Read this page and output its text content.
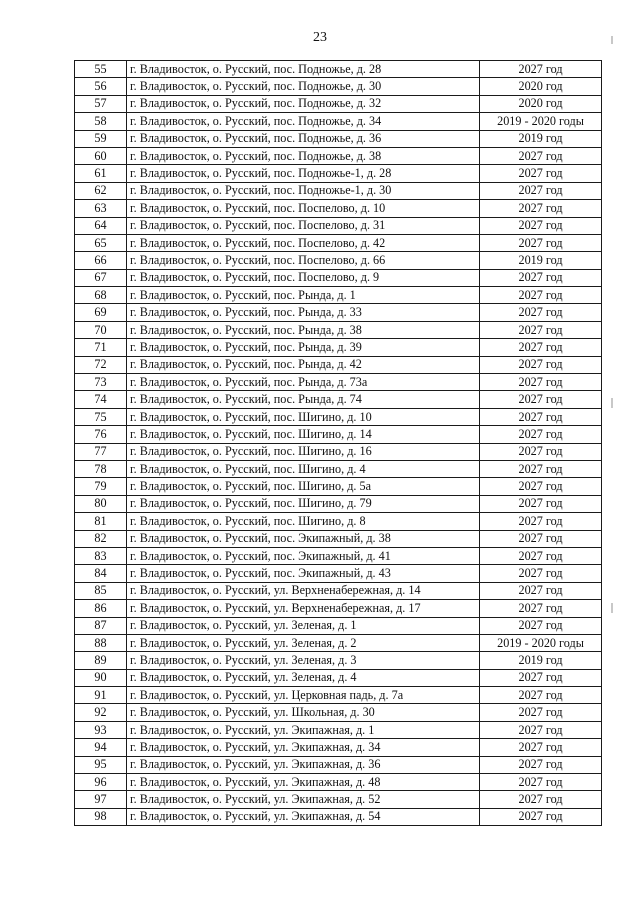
23
55	г. Владивосток, о. Русский, пос. Подножье, д. 28	2027 год
56	г. Владивосток, о. Русский, пос. Подножье, д. 30	2020 год
57	г. Владивосток, о. Русский, пос. Подножье, д. 32	2020 год
58	г. Владивосток, о. Русский, пос. Подножье, д. 34	2019 - 2020 годы
59	г. Владивосток, о. Русский, пос. Подножье, д. 36	2019 год
60	г. Владивосток, о. Русский, пос. Подножье, д. 38	2027 год
61	г. Владивосток, о. Русский, пос. Подножье-1, д. 28	2027 год
62	г. Владивосток, о. Русский, пос. Подножье-1, д. 30	2027 год
63	г. Владивосток, о. Русский, пос. Поспелово, д. 10	2027 год
64	г. Владивосток, о. Русский, пос. Поспелово, д. 31	2027 год
65	г. Владивосток, о. Русский, пос. Поспелово, д. 42	2027 год
66	г. Владивосток, о. Русский, пос. Поспелово, д. 66	2019 год
67	г. Владивосток, о. Русский, пос. Поспелово, д. 9	2027 год
68	г. Владивосток, о. Русский, пос. Рында, д. 1	2027 год
69	г. Владивосток, о. Русский, пос. Рында, д. 33	2027 год
70	г. Владивосток, о. Русский, пос. Рында, д. 38	2027 год
71	г. Владивосток, о. Русский, пос. Рында, д. 39	2027 год
72	г. Владивосток, о. Русский, пос. Рында, д. 42	2027 год
73	г. Владивосток, о. Русский, пос. Рында, д. 73а	2027 год
74	г. Владивосток, о. Русский, пос. Рында, д. 74	2027 год
75	г. Владивосток, о. Русский, пос. Шигино, д. 10	2027 год
76	г. Владивосток, о. Русский, пос. Шигино, д. 14	2027 год
77	г. Владивосток, о. Русский, пос. Шигино, д. 16	2027 год
78	г. Владивосток, о. Русский, пос. Шигино, д. 4	2027 год
79	г. Владивосток, о. Русский, пос. Шигино, д. 5а	2027 год
80	г. Владивосток, о. Русский, пос. Шигино, д. 79	2027 год
81	г. Владивосток, о. Русский, пос. Шигино, д. 8	2027 год
82	г. Владивосток, о. Русский, пос. Экипажный, д. 38	2027 год
83	г. Владивосток, о. Русский, пос. Экипажный, д. 41	2027 год
84	г. Владивосток, о. Русский, пос. Экипажный, д. 43	2027 год
85	г. Владивосток, о. Русский, ул. Верхненабережная, д. 14	2027 год
86	г. Владивосток, о. Русский, ул. Верхненабережная, д. 17	2027 год
87	г. Владивосток, о. Русский, ул. Зеленая, д. 1	2027 год
88	г. Владивосток, о. Русский, ул. Зеленая, д. 2	2019 - 2020 годы
89	г. Владивосток, о. Русский, ул. Зеленая, д. 3	2019 год
90	г. Владивосток, о. Русский, ул. Зеленая, д. 4	2027 год
91	г. Владивосток, о. Русский, ул. Церковная падь, д. 7а	2027 год
92	г. Владивосток, о. Русский, ул. Школьная, д. 30	2027 год
93	г. Владивосток, о. Русский, ул. Экипажная, д. 1	2027 год
94	г. Владивосток, о. Русский, ул. Экипажная, д. 34	2027 год
95	г. Владивосток, о. Русский, ул. Экипажная, д. 36	2027 год
96	г. Владивосток, о. Русский, ул. Экипажная, д. 48	2027 год
97	г. Владивосток, о. Русский, ул. Экипажная, д. 52	2027 год
98	г. Владивосток, о. Русский, ул. Экипажная, д. 54	2027 год
